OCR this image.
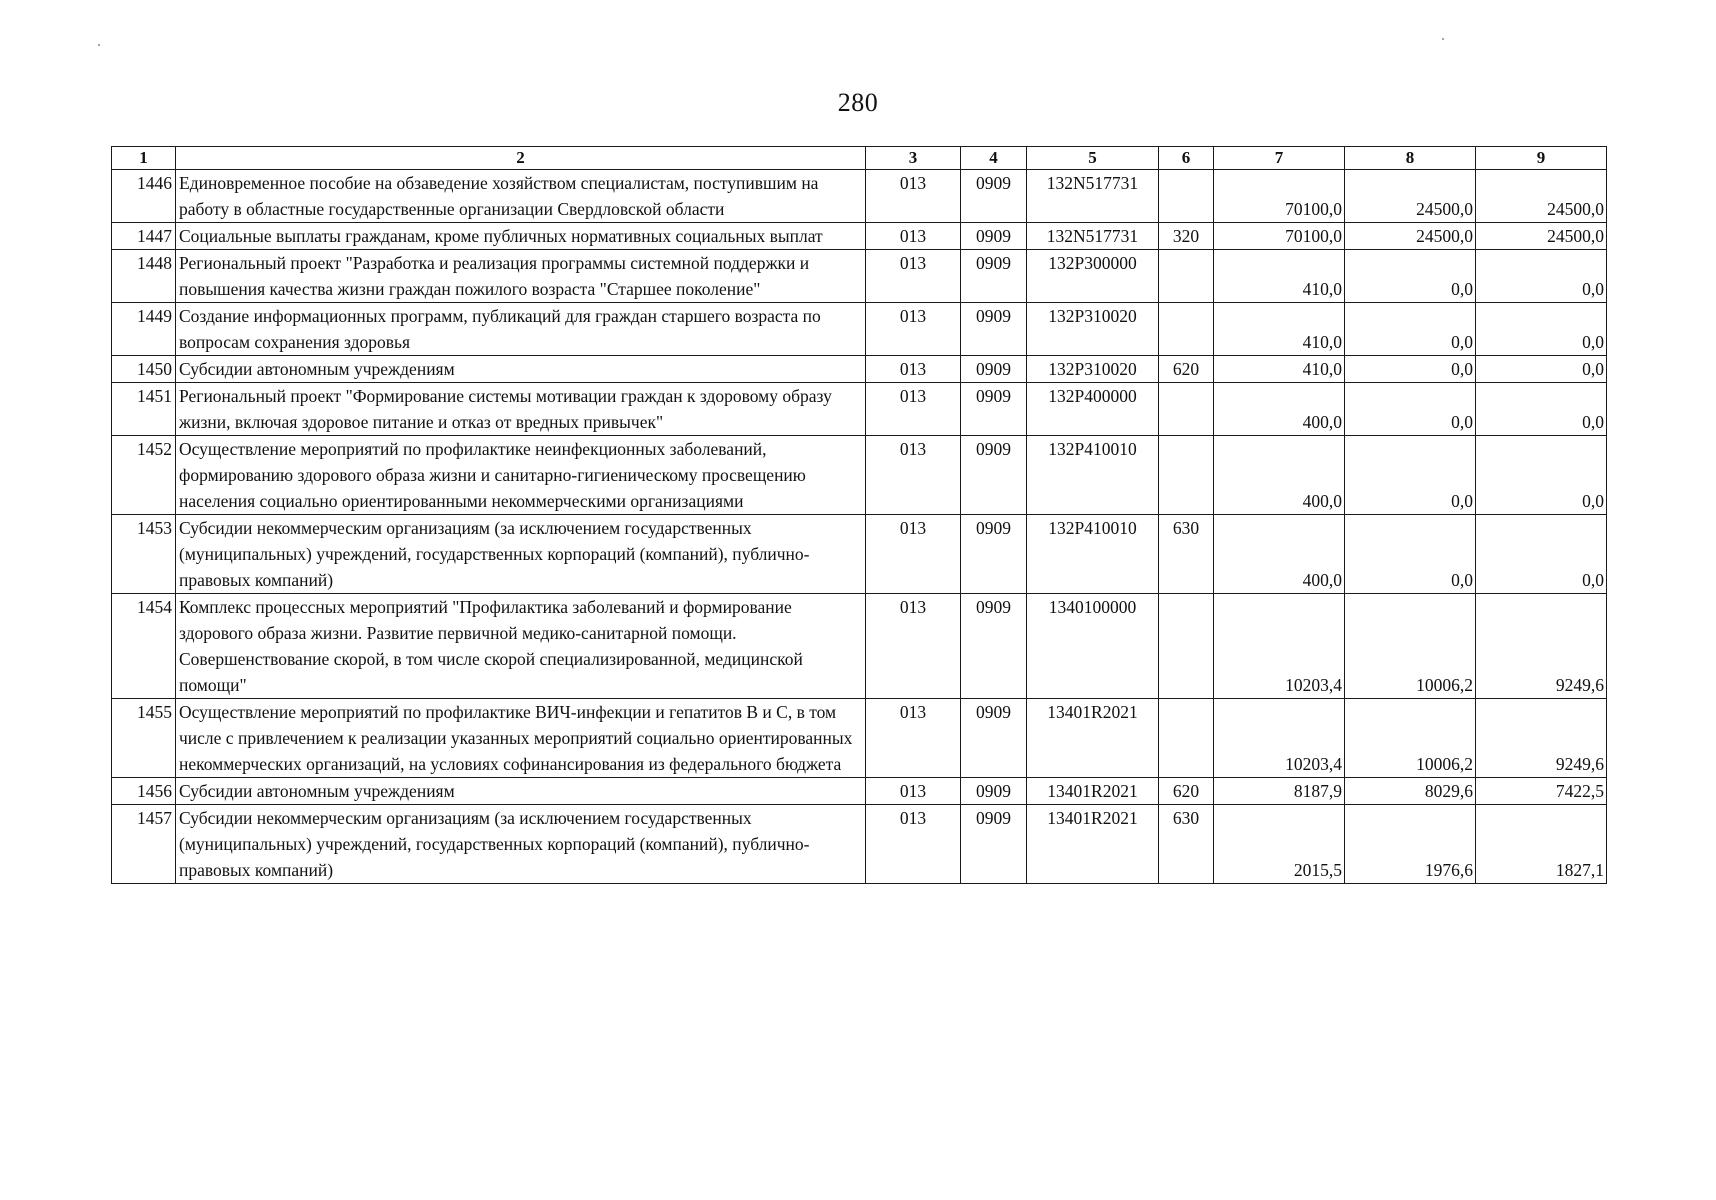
280
1	2	3	4	5	6	7	8	9
1446	Единовременное пособие на обзаведение хозяйством специалистам, поступившим на работу в областные государственные организации Свердловской области	013	0909	132N517731		70100,0	24500,0	24500,0
1447	Социальные выплаты гражданам, кроме публичных нормативных социальных выплат	013	0909	132N517731	320	70100,0	24500,0	24500,0
1448	Региональный проект "Разработка и реализация программы системной поддержки и повышения качества жизни граждан пожилого возраста "Старшее поколение"	013	0909	132P300000		410,0	0,0	0,0
1449	Создание информационных программ, публикаций для граждан старшего возраста по вопросам сохранения здоровья	013	0909	132P310020		410,0	0,0	0,0
1450	Субсидии автономным учреждениям	013	0909	132P310020	620	410,0	0,0	0,0
1451	Региональный проект "Формирование системы мотивации граждан к здоровому образу жизни, включая здоровое питание и отказ от вредных привычек"	013	0909	132P400000		400,0	0,0	0,0
1452	Осуществление мероприятий по профилактике неинфекционных заболеваний, формированию здорового образа жизни и санитарно-гигиеническому просвещению населения социально ориентированными некоммерческими организациями	013	0909	132P410010		400,0	0,0	0,0
1453	Субсидии некоммерческим организациям (за исключением государственных (муниципальных) учреждений, государственных корпораций (компаний), публично-правовых компаний)	013	0909	132P410010	630	400,0	0,0	0,0
1454	Комплекс процессных мероприятий "Профилактика заболеваний и формирование здорового образа жизни. Развитие первичной медико-санитарной помощи. Совершенствование скорой, в том числе скорой специализированной, медицинской помощи"	013	0909	1340100000		10203,4	10006,2	9249,6
1455	Осуществление мероприятий по профилактике ВИЧ-инфекции и гепатитов В и С, в том числе с привлечением к реализации указанных мероприятий социально ориентированных некоммерческих организаций, на условиях софинансирования из федерального бюджета	013	0909	13401R2021		10203,4	10006,2	9249,6
1456	Субсидии автономным учреждениям	013	0909	13401R2021	620	8187,9	8029,6	7422,5
1457	Субсидии некоммерческим организациям (за исключением государственных (муниципальных) учреждений, государственных корпораций (компаний), публично-правовых компаний)	013	0909	13401R2021	630	2015,5	1976,6	1827,1
